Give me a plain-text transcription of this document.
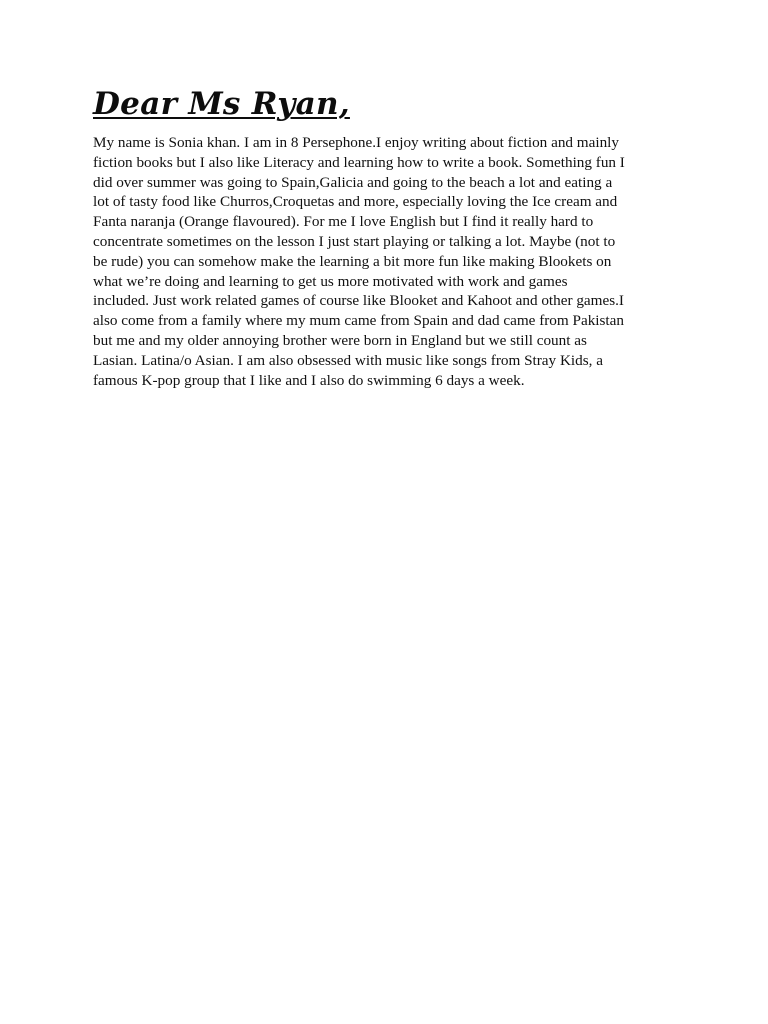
Dear Ms Ryan,
My name is Sonia khan. I am in 8 Persephone.I enjoy writing about fiction and mainly
fiction books but I also like Literacy and learning how to write a book. Something fun I
did over summer was going to Spain,Galicia and going to the beach a lot and eating a
lot of tasty food like Churros,Croquetas and more, especially loving the Ice cream and
Fanta naranja (Orange flavoured). For me I love English but I find it really hard to
concentrate sometimes on the lesson I just start playing or talking a lot. Maybe (not to
be rude) you can somehow make the learning a bit more fun like making Blookets on
what we’re doing and learning to get us more motivated with work and games
included. Just work related games of course like Blooket and Kahoot and other games.I
also come from a family where my mum came from Spain and dad came from Pakistan
but me and my older annoying brother were born in England but we still count as
Lasian. Latina/o Asian. I am also obsessed with music like songs from Stray Kids, a
famous K-pop group that I like and I also do swimming 6 days a week.
